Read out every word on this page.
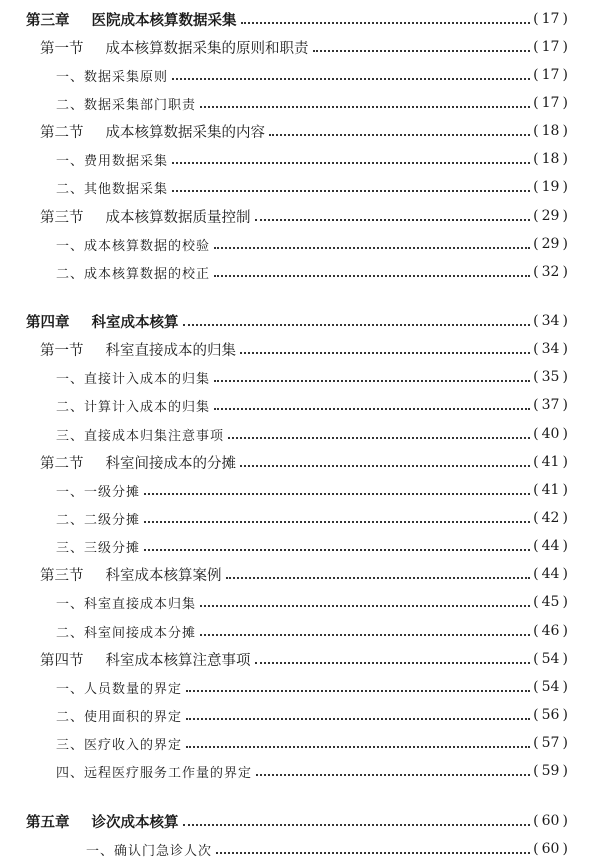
第三章 医院成本核算数据采集	( 17 )
第一节 成本核算数据采集的原则和职责	( 17 )
一、数据采集原则	( 17 )
二、数据采集部门职责	( 17 )
第二节 成本核算数据采集的内容	( 18 )
一、费用数据采集	( 18 )
二、其他数据采集	( 19 )
第三节 成本核算数据质量控制	( 29 )
一、成本核算数据的校验	( 29 )
二、成本核算数据的校正	( 32 )
第四章 科室成本核算	( 34 )
第一节 科室直接成本的归集	( 34 )
一、直接计入成本的归集	( 35 )
二、计算计入成本的归集	( 37 )
三、直接成本归集注意事项	( 40 )
第二节 科室间接成本的分摊	( 41 )
一、一级分摊	( 41 )
二、二级分摊	( 42 )
三、三级分摊	( 44 )
第三节 科室成本核算案例	( 44 )
一、科室直接成本归集	( 45 )
二、科室间接成本分摊	( 46 )
第四节 科室成本核算注意事项	( 54 )
一、人员数量的界定	( 54 )
二、使用面积的界定	( 56 )
三、医疗收入的界定	( 57 )
四、远程医疗服务工作量的界定	( 59 )
第五章 诊次成本核算	( 60 )
一、确认门急诊人次	( 60 )
